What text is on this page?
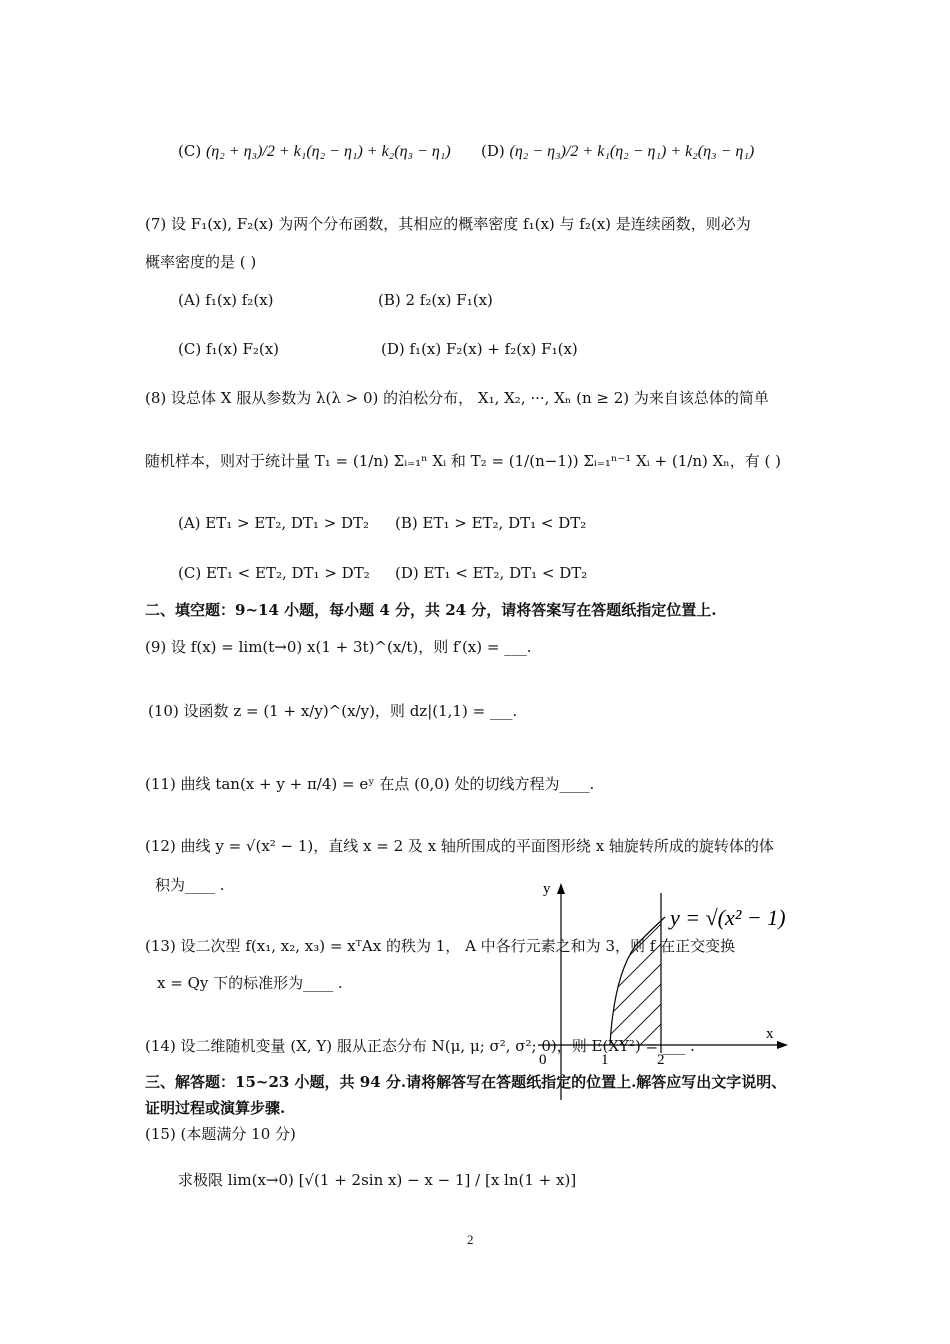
(C) (η₂ + η₃)/2 + k₁(η₂ − η₁) + k₂(η₃ − η₁) (D) (η₂ − η₃)/2 + k₁(η₂ − η₁) + k₂(η₃ − η₁)
(7) 设 F₁(x), F₂(x) 为两个分布函数，其相应的概率密度 f₁(x) 与 f₂(x) 是连续函数，则必为
概率密度的是 ( )
(A) f₁(x) f₂(x)	(B) 2 f₂(x) F₁(x)
(C) f₁(x) F₂(x)	(D) f₁(x) F₂(x) + f₂(x) F₁(x)
(8) 设总体 X 服从参数为 λ(λ > 0) 的泊松分布， X₁, X₂, ···, Xₙ (n ≥ 2) 为来自该总体的简单
随机样本，则对于统计量 T₁ = (1/n) Σᵢ₌₁ⁿ Xᵢ 和 T₂ = (1/(n−1)) Σᵢ₌₁ⁿ⁻¹ Xᵢ + (1/n) Xₙ，有 ( )
(A) ET₁ > ET₂, DT₁ > DT₂ (B) ET₁ > ET₂, DT₁ < DT₂
(C) ET₁ < ET₂, DT₁ > DT₂ (D) ET₁ < ET₂, DT₁ < DT₂
二、填空题：9~14 小题，每小题 4 分，共 24 分，请将答案写在答题纸指定位置上.
(9) 设 f(x) = lim(t→0) x(1 + 3t)^(x/t)，则 f′(x) = ___.
(10) 设函数 z = (1 + x/y)^(x/y)，则 dz|(1,1) = ___.
(11) 曲线 tan(x + y + π/4) = eʸ 在点 (0,0) 处的切线方程为____.
(12) 曲线 y = √(x² − 1)，直线 x = 2 及 x 轴所围成的平面图形绕 x 轴旋转所成的旋转体的体
积为____ .
(13) 设二次型 f(x₁, x₂, x₃) = xᵀAx 的秩为 1， A 中各行元素之和为 3，则 f 在正交变换
x = Qy 下的标准形为____ .
(14) 设二维随机变量 (X, Y) 服从正态分布 N(μ, μ; σ², σ²; 0)，则 E(XY²) = ___ .
y
x
0	1	2
y = √(x² − 1)
三、解答题：15~23 小题，共 94 分.请将解答写在答题纸指定的位置上.解答应写出文字说明、
证明过程或演算步骤.
(15) (本题满分 10 分)
求极限 lim(x→0) [√(1 + 2sin x) − x − 1] / [x ln(1 + x)]
2
